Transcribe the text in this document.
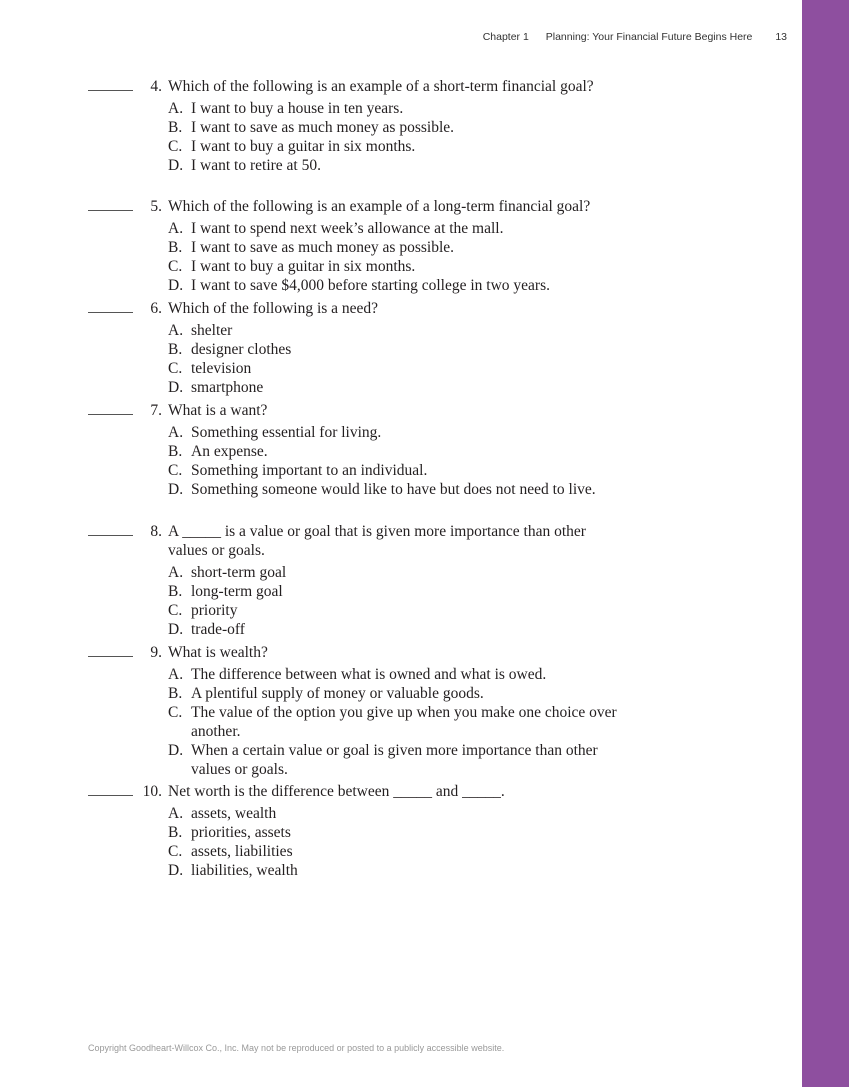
Chapter 1 Planning: Your Financial Future Begins Here 13
4. Which of the following is an example of a short-term financial goal?
A. I want to buy a house in ten years.
B. I want to save as much money as possible.
C. I want to buy a guitar in six months.
D. I want to retire at 50.
5. Which of the following is an example of a long-term financial goal?
A. I want to spend next week’s allowance at the mall.
B. I want to save as much money as possible.
C. I want to buy a guitar in six months.
D. I want to save $4,000 before starting college in two years.
6. Which of the following is a need?
A. shelter
B. designer clothes
C. television
D. smartphone
7. What is a want?
A. Something essential for living.
B. An expense.
C. Something important to an individual.
D. Something someone would like to have but does not need to live.
8. A _____ is a value or goal that is given more importance than other values or goals.
A. short-term goal
B. long-term goal
C. priority
D. trade-off
9. What is wealth?
A. The difference between what is owned and what is owed.
B. A plentiful supply of money or valuable goods.
C. The value of the option you give up when you make one choice over another.
D. When a certain value or goal is given more importance than other values or goals.
10. Net worth is the difference between _____ and _____.
A. assets, wealth
B. priorities, assets
C. assets, liabilities
D. liabilities, wealth
Copyright Goodheart-Willcox Co., Inc. May not be reproduced or posted to a publicly accessible website.
